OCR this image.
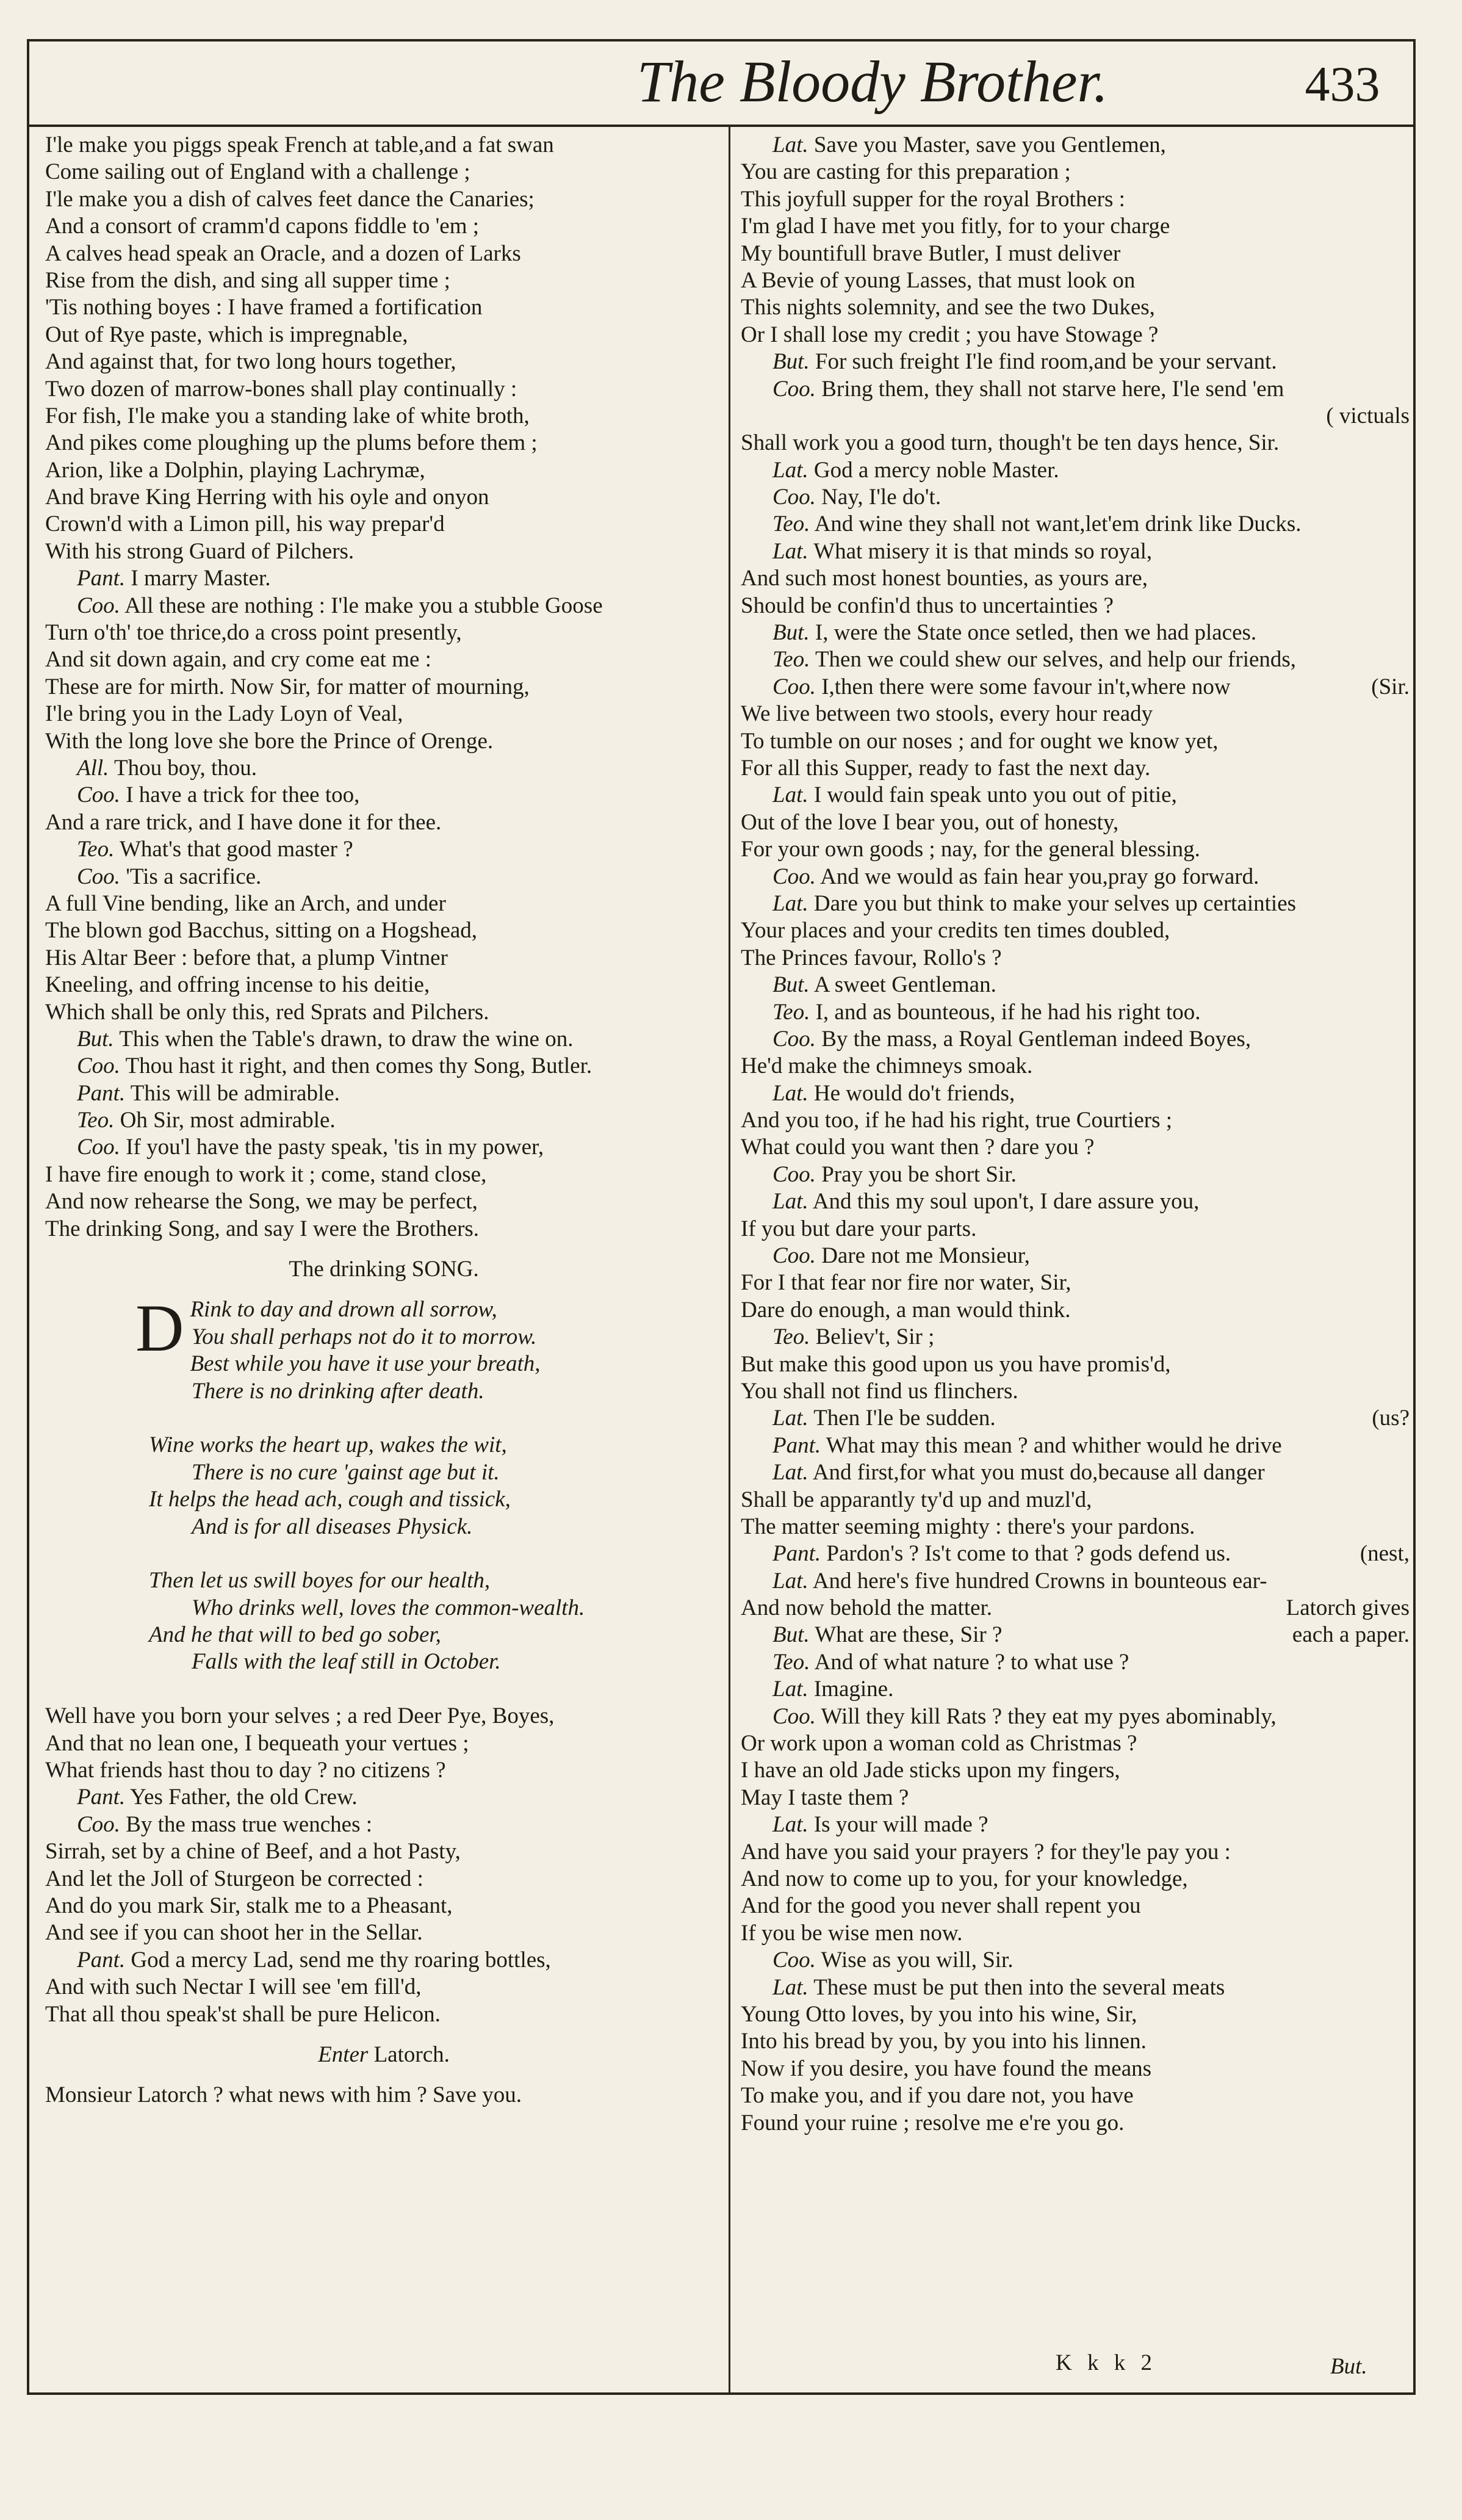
The Bloody Brother.	433
I'le make you piggs speak French at table,and a fat swan
Come sailing out of England with a challenge ;
I'le make you a dish of calves feet dance the Canaries;
And a consort of cramm'd capons fiddle to 'em ;
A calves head speak an Oracle, and a dozen of Larks
Rise from the dish, and sing all supper time ;
'Tis nothing boyes : I have framed a fortification
Out of Rye paste, which is impregnable,
And against that, for two long hours together,
Two dozen of marrow-bones shall play continually :
For fish, I'le make you a standing lake of white broth,
And pikes come ploughing up the plums before them ;
Arion, like a Dolphin, playing Lachrymæ,
And brave King Herring with his oyle and onyon
Crown'd with a Limon pill, his way prepar'd
With his strong Guard of Pilchers.
Pant. I marry Master.
Coo. All these are nothing : I'le make you a stubble Goose
Turn o'th' toe thrice,do a cross point presently,
And sit down again, and cry come eat me :
These are for mirth. Now Sir, for matter of mourning,
I'le bring you in the Lady Loyn of Veal,
With the long love she bore the Prince of Orenge.
All. Thou boy, thou.
Coo. I have a trick for thee too,
And a rare trick, and I have done it for thee.
Teo. What's that good master ?
Coo. 'Tis a sacrifice.
A full Vine bending, like an Arch, and under
The blown god Bacchus, sitting on a Hogshead,
His Altar Beer : before that, a plump Vintner
Kneeling, and offring incense to his deitie,
Which shall be only this, red Sprats and Pilchers.
But. This when the Table's drawn, to draw the wine on.
Coo. Thou hast it right, and then comes thy Song, Butler.
Pant. This will be admirable.
Teo. Oh Sir, most admirable.
Coo. If you'l have the pasty speak, 'tis in my power,
I have fire enough to work it ; come, stand close,
And now rehearse the Song, we may be perfect,
The drinking Song, and say I were the Brothers.
The drinking SONG.
D Rink to day and drown all sorrow,
You shall perhaps not do it to morrow.
Best while you have it use your breath,
There is no drinking after death.
Wine works the heart up, wakes the wit,
There is no cure 'gainst age but it.
It helps the head ach, cough and tissick,
And is for all diseases Physick.
Then let us swill boyes for our health,
Who drinks well, loves the common-wealth.
And he that will to bed go sober,
Falls with the leaf still in October.
Well have you born your selves ; a red Deer Pye, Boyes,
And that no lean one, I bequeath your vertues ;
What friends hast thou to day ? no citizens ?
Pant. Yes Father, the old Crew.
Coo. By the mass true wenches :
Sirrah, set by a chine of Beef, and a hot Pasty,
And let the Joll of Sturgeon be corrected :
And do you mark Sir, stalk me to a Pheasant,
And see if you can shoot her in the Sellar.
Pant. God a mercy Lad, send me thy roaring bottles,
And with such Nectar I will see 'em fill'd,
That all thou speak'st shall be pure Helicon.
Enter Latorch.
Monsieur Latorch ? what news with him ? Save you.
Lat. Save you Master, save you Gentlemen,
You are casting for this preparation ;
This joyfull supper for the royal Brothers :
I'm glad I have met you fitly, for to your charge
My bountifull brave Butler, I must deliver
A Bevie of young Lasses, that must look on
This nights solemnity, and see the two Dukes,
Or I shall lose my credit ; you have Stowage ?
But. For such freight I'le find room,and be your servant.
Coo. Bring them, they shall not starve here, I'le send 'em
( victuals
Shall work you a good turn, though't be ten days hence, Sir.
Lat. God a mercy noble Master.
Coo. Nay, I'le do't.
Teo. And wine they shall not want,let'em drink like Ducks.
Lat. What misery it is that minds so royal,
And such most honest bounties, as yours are,
Should be confin'd thus to uncertainties ?
But. I, were the State once setled, then we had places.
Teo. Then we could shew our selves, and help our friends,
Coo. I,then there were some favour in't,where now	(Sir.
We live between two stools, every hour ready
To tumble on our noses ; and for ought we know yet,
For all this Supper, ready to fast the next day.
Lat. I would fain speak unto you out of pitie,
Out of the love I bear you, out of honesty,
For your own goods ; nay, for the general blessing.
Coo. And we would as fain hear you,pray go forward.
Lat. Dare you but think to make your selves up certainties
Your places and your credits ten times doubled,
The Princes favour, Rollo's ?
But. A sweet Gentleman.
Teo. I, and as bounteous, if he had his right too.
Coo. By the mass, a Royal Gentleman indeed Boyes,
He'd make the chimneys smoak.
Lat. He would do't friends,
And you too, if he had his right, true Courtiers ;
What could you want then ? dare you ?
Coo. Pray you be short Sir.
Lat. And this my soul upon't, I dare assure you,
If you but dare your parts.
Coo. Dare not me Monsieur,
For I that fear nor fire nor water, Sir,
Dare do enough, a man would think.
Teo. Believ't, Sir ;
But make this good upon us you have promis'd,
You shall not find us flinchers.
Lat. Then I'le be sudden.	(us?
Pant. What may this mean ? and whither would he drive
Lat. And first,for what you must do,because all danger
Shall be apparantly ty'd up and muzl'd,
The matter seeming mighty : there's your pardons.
Pant. Pardon's ? Is't come to that ? gods defend us.	(nest,
Lat. And here's five hundred Crowns in bounteous ear-
And now behold the matter.	Latorch gives
But. What are these, Sir ?	each a paper.
Teo. And of what nature ? to what use ?
Lat. Imagine.
Coo. Will they kill Rats ? they eat my pyes abominably,
Or work upon a woman cold as Christmas ?
I have an old Jade sticks upon my fingers,
May I taste them ?
Lat. Is your will made ?
And have you said your prayers ? for they'le pay you :
And now to come up to you, for your knowledge,
And for the good you never shall repent you
If you be wise men now.
Coo. Wise as you will, Sir.
Lat. These must be put then into the several meats
Young Otto loves, by you into his wine, Sir,
Into his bread by you, by you into his linnen.
Now if you desire, you have found the means
To make you, and if you dare not, you have
Found your ruine ; resolve me e're you go.
K k k 2	But.
